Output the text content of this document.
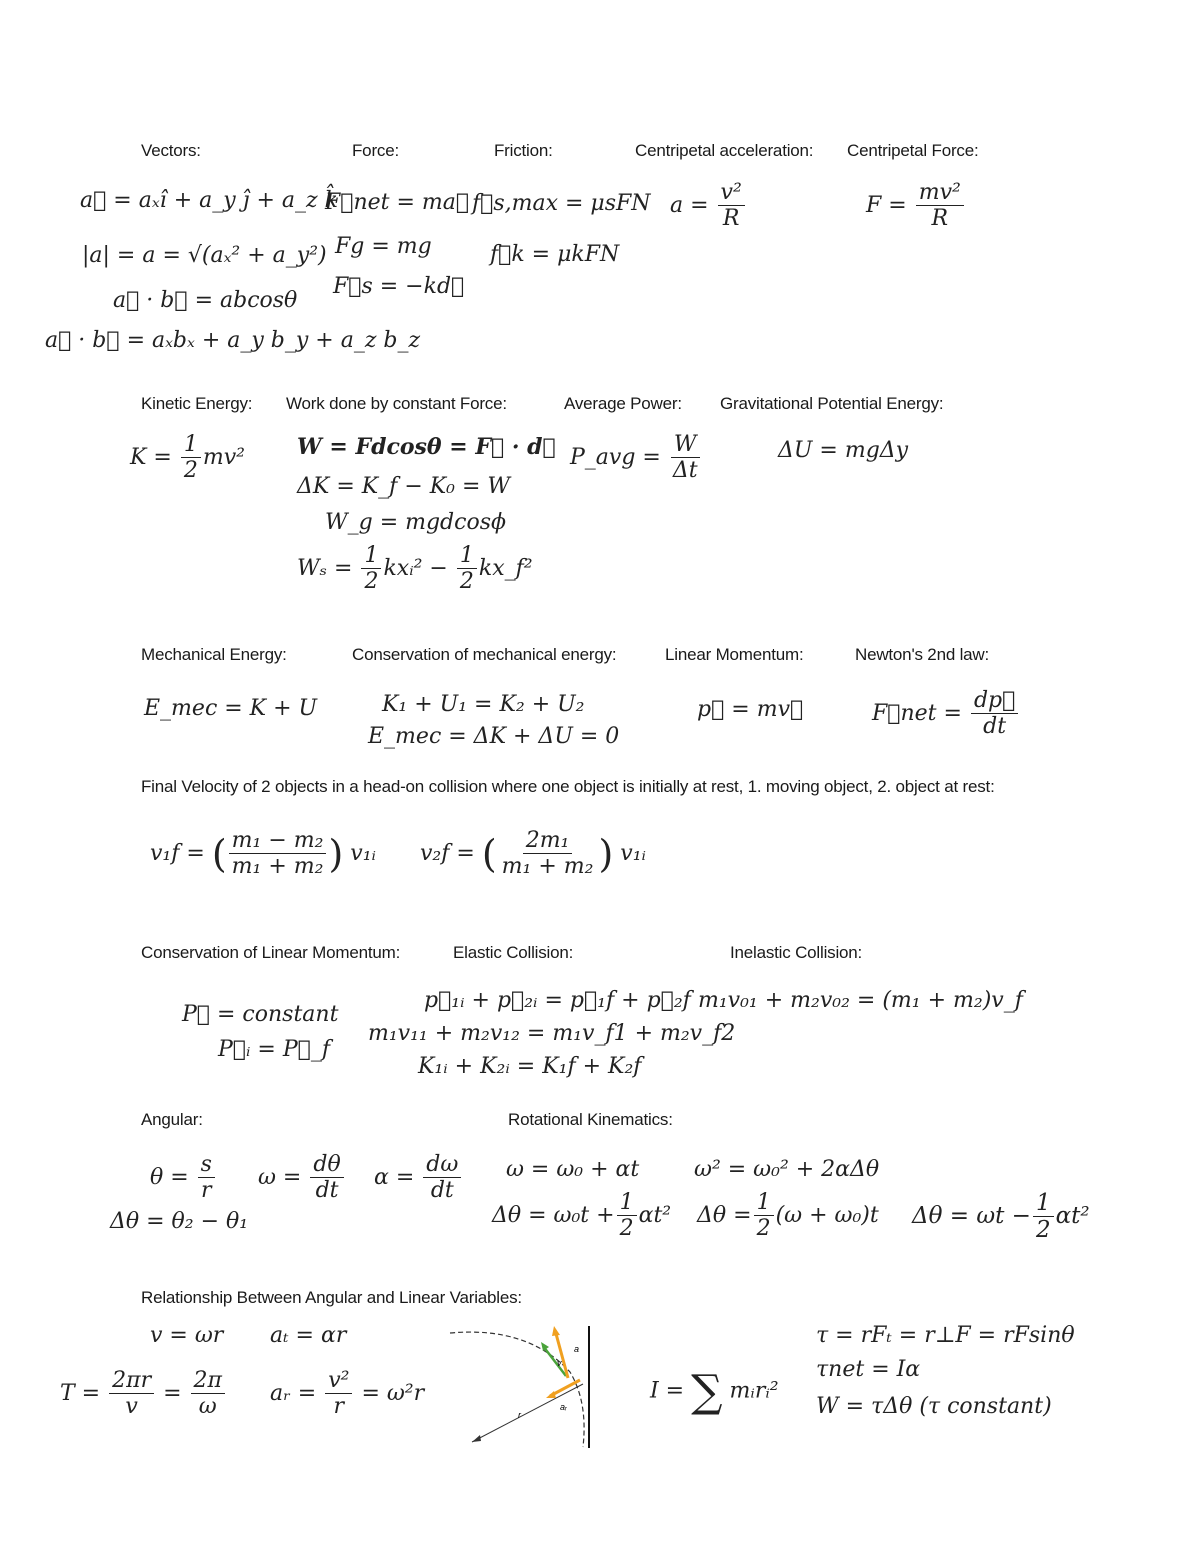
Vectors:	Force:	Friction:	Centripetal acceleration: Centripetal Force:
a⃗ = aₓî + a_y ĵ + a_z k̂
|a| = a = √(aₓ² + a_y²)
a⃗ · b⃗ = abcosθ
a⃗ · b⃗ = aₓbₓ + a_y b_y + a_z b_z
F⃗net = ma⃗
Fg = mg
F⃗s = −kd⃗
f⃗s,max = μsFN
f⃗k = μkFN
$a = \frac{\text{v²}}{R}$	$F = \frac{\text{mv²}}{R}$
Kinetic Energy: Work done by constant Force:	Average Power: Gravitational Potential Energy:
$K = \frac{1}{2} mv^2$ W = Fdcosθ = F⃗ · d⃗
ΔK = K_f − K₀ = W
W_g = mgdcosϕ
$W_s = \frac{1}{2}$ kxᵢ² − $\frac{1}{2}$ kx_f²
P_avg = $\frac{W}{\Delta t}$	ΔU = mgΔy
Mechanical Energy:	Conservation of mechanical energy:	Linear Momentum:	Newton's 2nd law:
E_mec = K + U	K₁ + U₁ = K₂ + U₂
E_mec = ΔK + ΔU = 0
p⃗ = mv⃗	F⃗net = $\frac{dp⃗}{dt}$
Final Velocity of 2 objects in a head-on collision where one object is initially at rest, 1. moving object, 2. object at rest:
v₁f = ( $\frac{\text{m₁ − m₂}}{\text{m₁ + m₂}}$ ) v₁ᵢ v₂f = ( $\frac{\text{2m₁}}{\text{m₁ + m₂}}$ ) v₁ᵢ
Conservation of Linear Momentum:	Elastic Collision:	Inelastic Collision:
P⃗ = constant
P⃗ᵢ = P⃗_f
p⃗₁ᵢ + p⃗₂ᵢ = p⃗₁f + p⃗₂f
m₁v₁₁ + m₂v₁₂ = m₁v_f1 + m₂v_f2
K₁ᵢ + K₂ᵢ = K₁f + K₂f
m₁v₀₁ + m₂v₀₂ = (m₁ + m₂)v_f
Angular:	Rotational Kinematics:
$\theta = \frac{s}{r}$ $\omega = \frac{d\theta}{dt}$ $\alpha = \frac{d\omega}{dt}$
Δθ = θ₂ − θ₁
ω = ω₀ + αt ω² = ω₀² + 2αΔθ
$\Delta\theta = \omega_0t + \frac{1}{2} \alpha t^2$ $\Delta\theta = \frac{1}{2} (\omega + \omega_0)t$ $\Delta\theta = \omega t - \frac{1}{2} \alpha t^2$
Relationship Between Angular and Linear Variables:
v = ωr aₜ = αr
$T = \frac{2\pi r}{v} = \frac{2\pi}{\omega}$ aᵣ = $\frac{\text{v²}}{r} = \omega^2r$
v
a
aᵣ
r
I = ∑ mᵢrᵢ²
τ = rFₜ = r⊥F = rFsinθ
τnet = Iα
W = τΔθ (τ constant)
